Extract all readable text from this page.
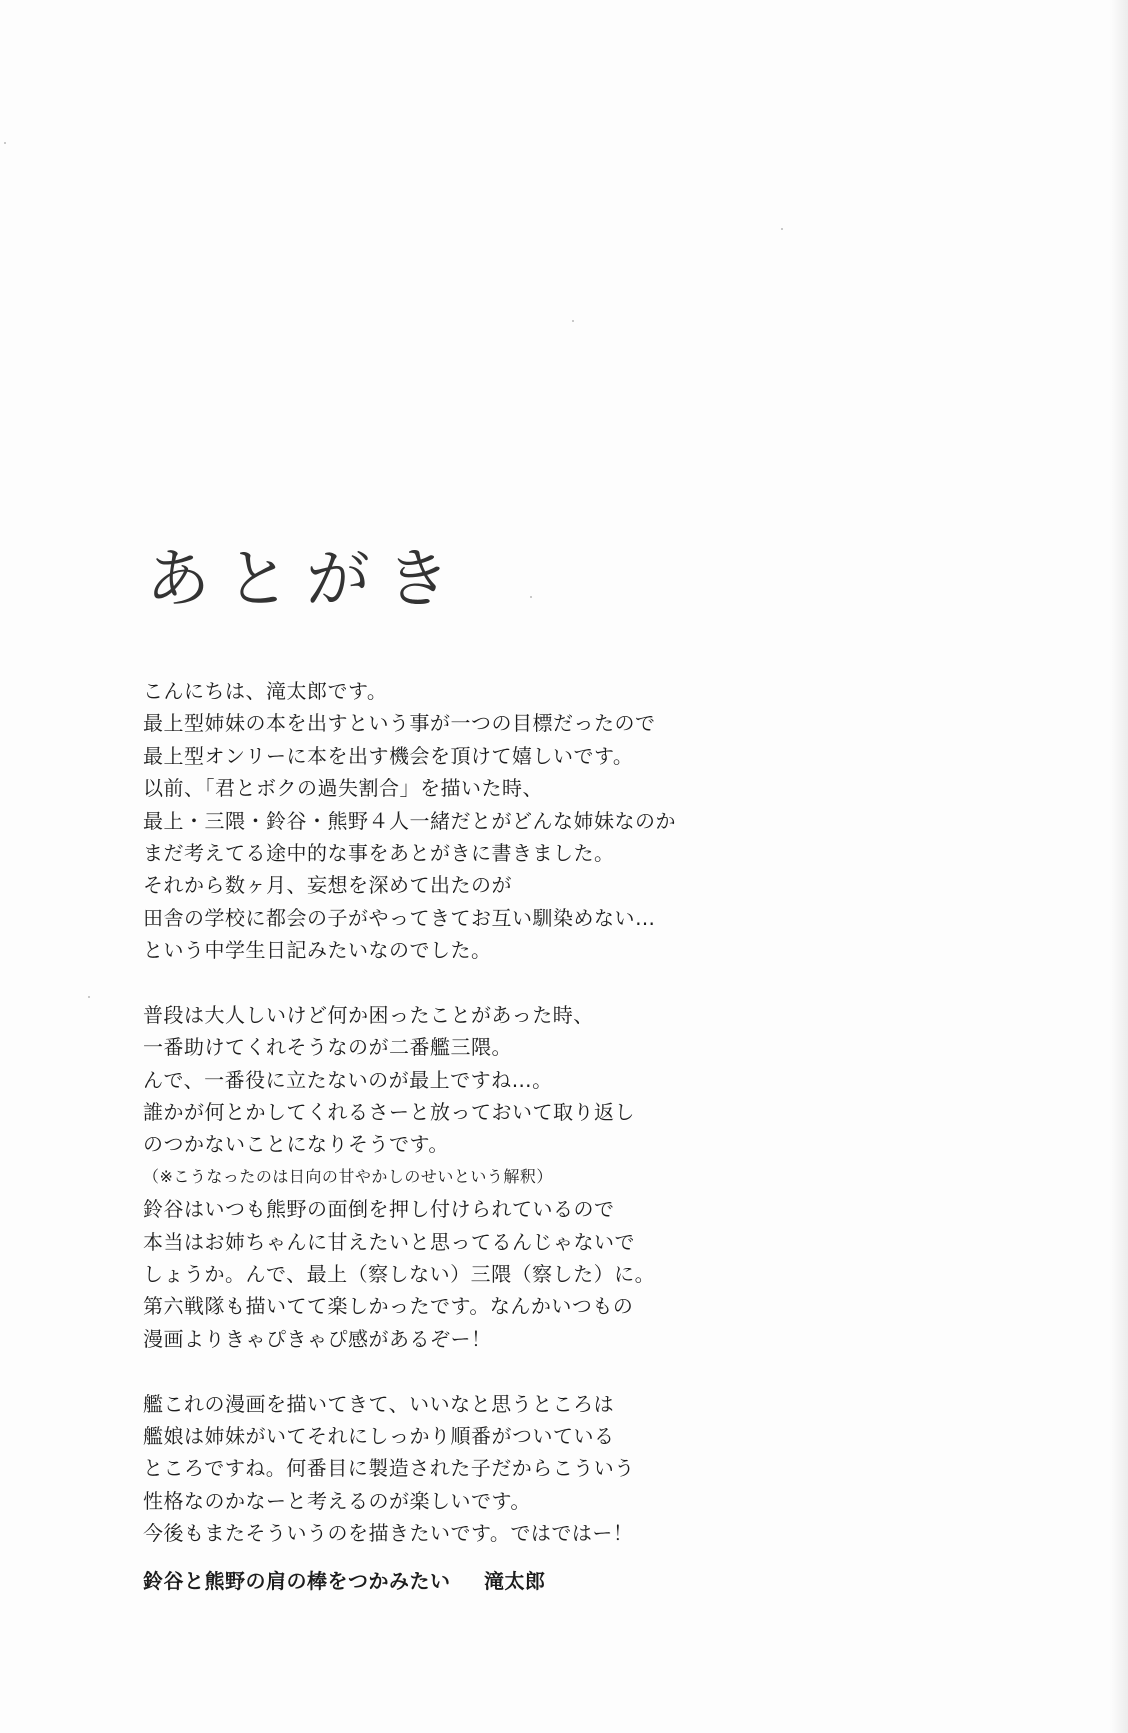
あとがき
こんにちは、滝太郎です。
最上型姉妹の本を出すという事が一つの目標だったので
最上型オンリーに本を出す機会を頂けて嬉しいです。
以前、「君とボクの過失割合」を描いた時、
最上・三隈・鈴谷・熊野４人一緒だとがどんな姉妹なのか
まだ考えてる途中的な事をあとがきに書きました。
それから数ヶ月、妄想を深めて出たのが
田舎の学校に都会の子がやってきてお互い馴染めない…
という中学生日記みたいなのでした。
普段は大人しいけど何か困ったことがあった時、
一番助けてくれそうなのが二番艦三隈。
んで、一番役に立たないのが最上ですね…。
誰かが何とかしてくれるさーと放っておいて取り返し
のつかないことになりそうです。
（※こうなったのは日向の甘やかしのせいという解釈）
鈴谷はいつも熊野の面倒を押し付けられているので
本当はお姉ちゃんに甘えたいと思ってるんじゃないで
しょうか。んで、最上（察しない）三隈（察した）に。
第六戦隊も描いてて楽しかったです。なんかいつもの
漫画よりきゃぴきゃぴ感があるぞー！
艦これの漫画を描いてきて、いいなと思うところは
艦娘は姉妹がいてそれにしっかり順番がついている
ところですね。何番目に製造された子だからこういう
性格なのかなーと考えるのが楽しいです。
今後もまたそういうのを描きたいです。ではではー！
鈴谷と熊野の肩の棒をつかみたい 滝太郎
